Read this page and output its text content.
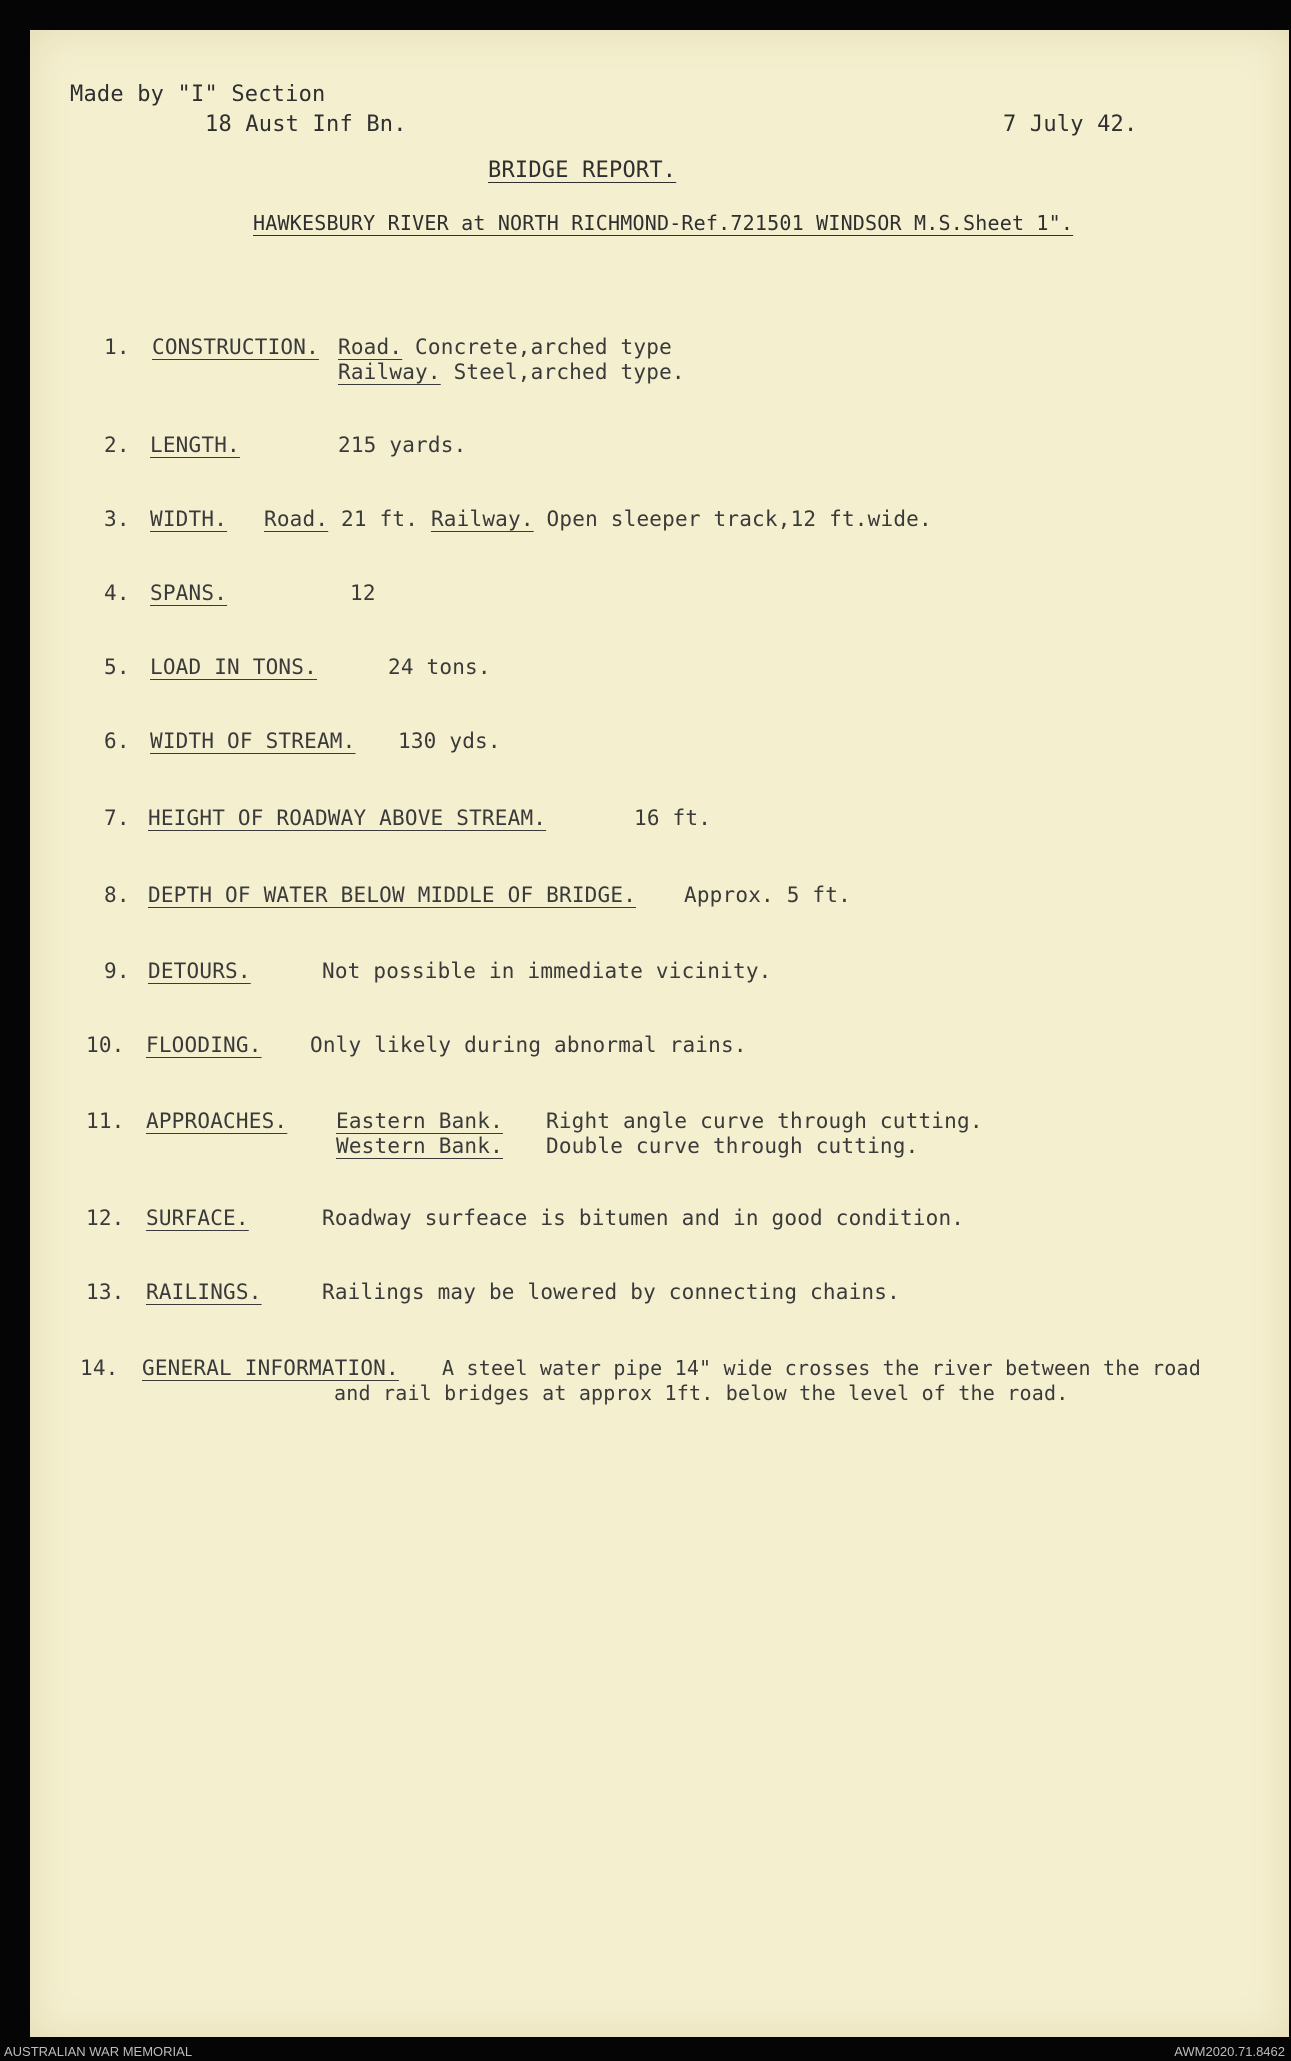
Made by "I" Section
18 Aust Inf Bn.	7 July 42.
BRIDGE REPORT.
HAWKESBURY RIVER at NORTH RICHMOND-Ref.721501 WINDSOR M.S.Sheet 1".
1. CONSTRUCTION. Road. Concrete,arched type
Railway. Steel,arched type.
2. LENGTH.	215 yards.
3. WIDTH. Road. 21 ft. Railway. Open sleeper track,12 ft.wide.
4. SPANS.	12
5. LOAD IN TONS.	24 tons.
6. WIDTH OF STREAM. 130 yds.
7. HEIGHT OF ROADWAY ABOVE STREAM.	16 ft.
8. DEPTH OF WATER BELOW MIDDLE OF BRIDGE. Approx. 5 ft.
9. DETOURS.	Not possible in immediate vicinity.
10. FLOODING. Only likely during abnormal rains.
11. APPROACHES. Eastern Bank. Right angle curve through cutting.
Western Bank. Double curve through cutting.
12. SURFACE.	Roadway surfeace is bitumen and in good condition.
13. RAILINGS.	Railings may be lowered by connecting chains.
14. GENERAL INFORMATION. A steel water pipe 14" wide crosses the river between the road
and rail bridges at approx 1ft. below the level of the road.
AUSTRALIAN WAR MEMORIAL	AWM2020.71.8462
